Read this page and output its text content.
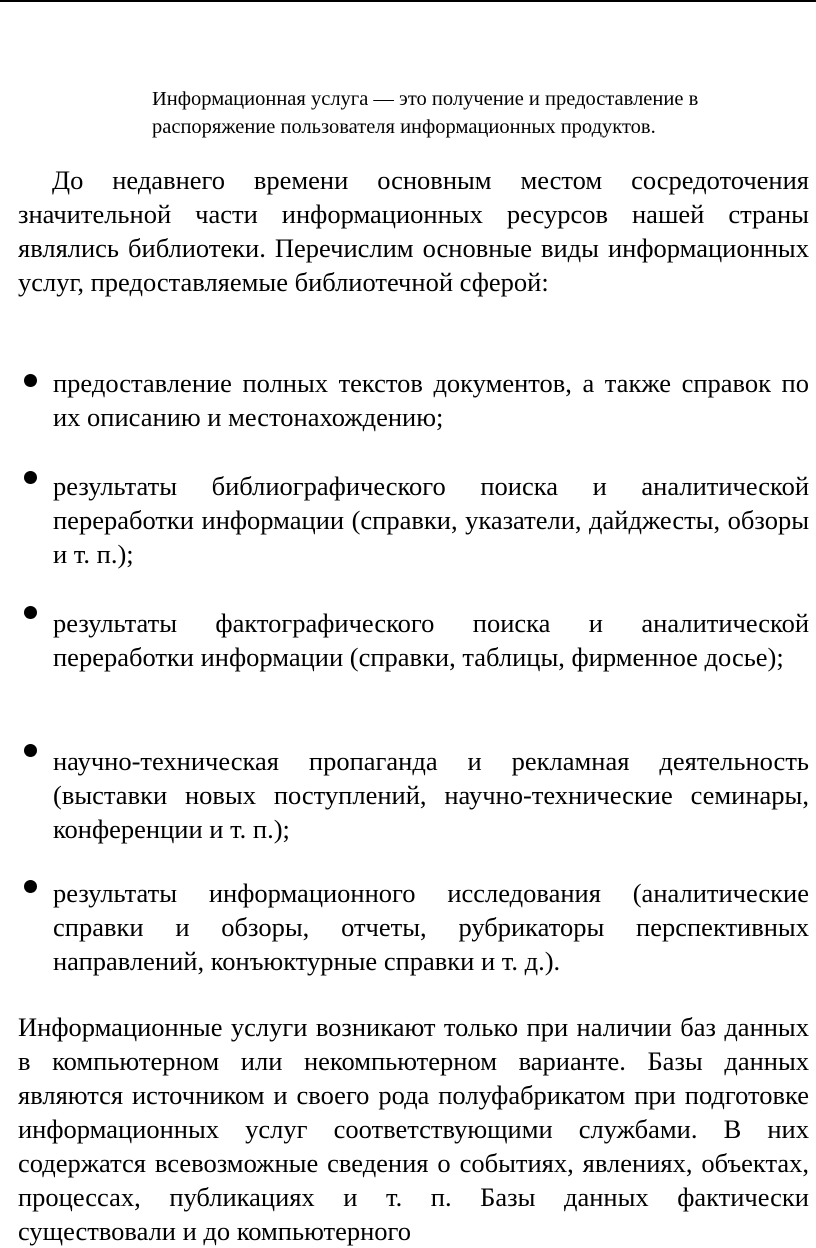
Информационная услуга — это получение и предоставление в распоряжение пользователя информационных продуктов.

До недавнего времени основным местом сосредоточения значительной части информационных ресурсов нашей страны являлись библиотеки. Перечислим основные виды информационных услуг, предоставляемые библиотечной сферой:

предоставление полных текстов документов, а также справок по их описанию и местонахождению;
результаты библиографического поиска и аналитической переработки информации (справки, указатели, дайджесты, обзоры и т. п.);
результаты фактографического поиска и аналитической переработки информации (справки, таблицы, фирменное досье);
научно-техническая пропаганда и рекламная деятельность (выставки новых поступлений, научно-технические семинары, конференции и т. п.);
результаты информационного исследования (аналитические справки и обзоры, отчеты, рубрикаторы перспективных направлений, конъюктурные справки и т. д.).

Информационные услуги возникают только при наличии баз данных в компьютерном или некомпьютерном варианте. Базы данных являются источником и своего рода полуфабрикатом при подготовке информационных услуг соответствующими службами. В них содержатся всевозможные сведения о событиях, явлениях, объектах, процессах, публикациях и т. п. Базы данных фактически существовали и до компьютерного
